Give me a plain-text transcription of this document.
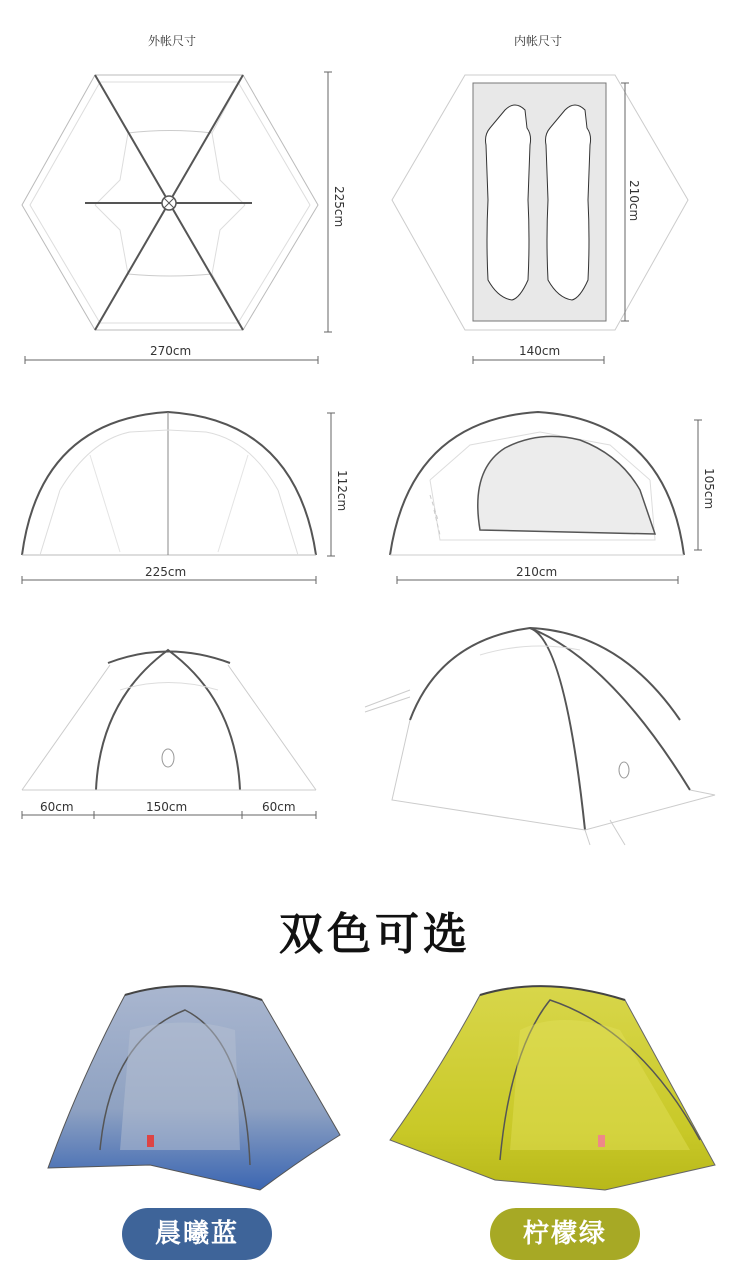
外帐尺寸	内帐尺寸
225cm
270cm
210cm
140cm
112cm
225cm
105cm
210cm
60cm	150cm	60cm
双色可选
晨曦蓝	柠檬绿
